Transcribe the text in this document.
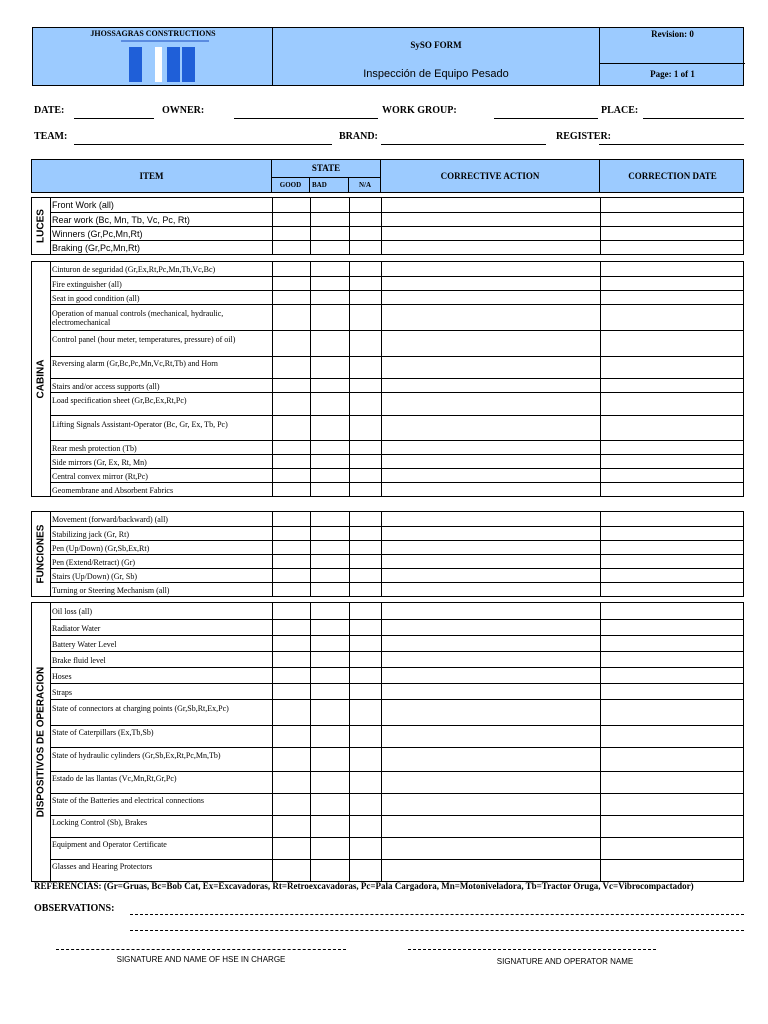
JHOSSAGRAS CONSTRUCTIONS
SySO FORM
Inspección de Equipo Pesado
Revision: 0
Page: 1 of 1
DATE:	OWNER:	WORK GROUP:	PLACE:
TEAM:	BRAND:	REGISTER:
ITEM
STATE
GOOD	BAD	N/A
CORRECTIVE ACTION	CORRECTION DATE
LUCES
Front Work (all)
Rear work (Bc, Mn, Tb, Vc, Pc, Rt)
Winners (Gr,Pc,Mn,Rt)
Braking (Gr,Pc,Mn,Rt)
CABINA
Cinturon de seguridad (Gr,Ex,Rt,Pc,Mn,Tb,Vc,Bc)
Fire extinguisher (all)
Seat in good condition (all)
Operation of manual controls (mechanical, hydraulic, electromechanical
Control panel (hour meter, temperatures, pressure) of oil)
Reversing alarm (Gr,Bc,Pc,Mn,Vc,Rt,Tb) and Horn
Stairs and/or access supports (all)
Load specification sheet (Gr,Bc,Ex,Rt,Pc)
Lifting Signals Assistant-Operator (Bc, Gr, Ex, Tb, Pc)
Rear mesh protection (Tb)
Side mirrors (Gr, Ex, Rt, Mn)
Central convex mirror (Rt,Pc)
Geomembrane and Absorbent Fabrics
FUNCIONES
Movement (forward/backward) (all)
Stabilizing jack (Gr, Rt)
Pen (Up/Down) (Gr,Sb,Ex,Rt)
Pen (Extend/Retract) (Gr)
Stairs (Up/Down) (Gr, Sb)
Turning or Steering Mechanism (all)
DISPOSITIVOS DE OPERACION
Oil loss (all)
Radiator Water
Battery Water Level
Brake fluid level
Hoses
Straps
State of connectors at charging points (Gr,Sb,Rt,Ex,Pc)
State of Caterpillars (Ex,Tb,Sb)
State of hydraulic cylinders (Gr,Sb,Ex,Rt,Pc,Mn,Tb)
Estado de las llantas (Vc,Mn,Rt,Gr,Pc)
State of the Batteries and electrical connections
Locking Control (Sb), Brakes
Equipment and Operator Certificate
Glasses and Hearing Protectors
REFERENCIAS: (Gr=Gruas, Bc=Bob Cat, Ex=Excavadoras, Rt=Retroexcavadoras, Pc=Pala Cargadora, Mn=Motoniveladora, Tb=Tractor Oruga, Vc=Vibrocompactador)
OBSERVATIONS:
SIGNATURE AND NAME OF HSE IN CHARGE	SIGNATURE AND OPERATOR NAME
